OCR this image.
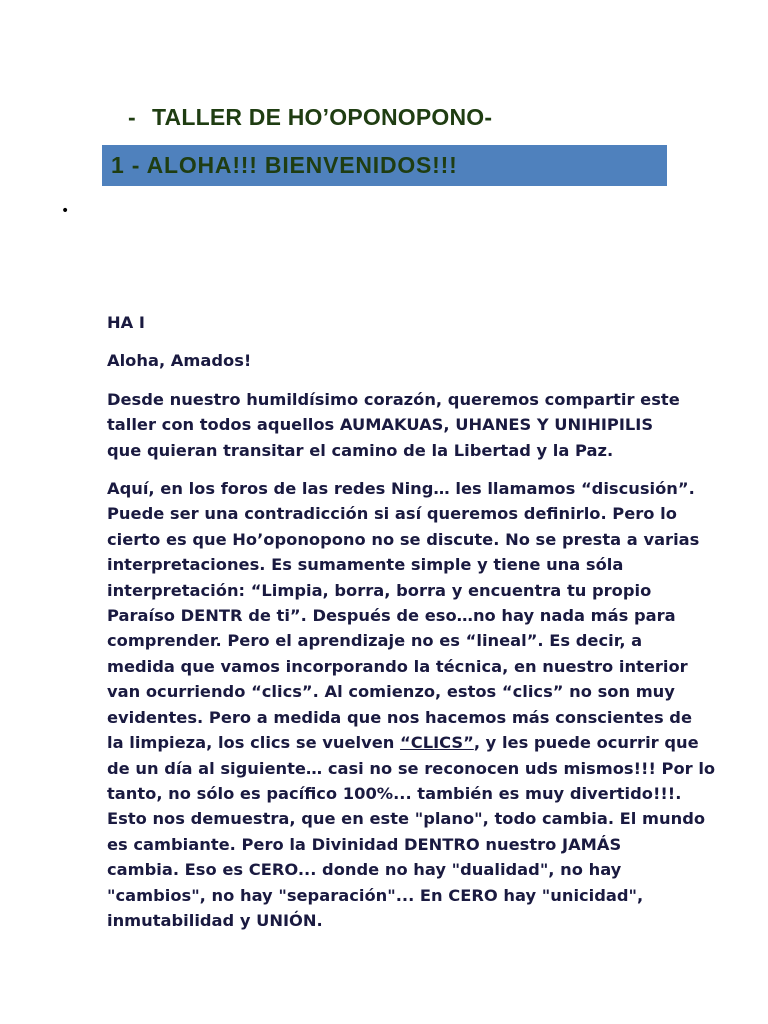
- TALLER DE HO’OPONOPONO-
1 - ALOHA!!! BIENVENIDOS!!!
•

HA I

Aloha, Amados!

Desde nuestro humildísimo corazón, queremos compartir este
taller con todos aquellos AUMAKUAS, UHANES Y UNIHIPILIS
que quieran transitar el camino de la Libertad y la Paz.

Aquí, en los foros de las redes Ning… les llamamos “discusión”.
Puede ser una contradicción si así queremos definirlo. Pero lo
cierto es que Ho’oponopono no se discute. No se presta a varias
interpretaciones. Es sumamente simple y tiene una sóla
interpretación: “Limpia, borra, borra y encuentra tu propio
Paraíso DENTR de ti”. Después de eso…no hay nada más para
comprender. Pero el aprendizaje no es “lineal”. Es decir, a
medida que vamos incorporando la técnica, en nuestro interior
van ocurriendo “clics”. Al comienzo, estos “clics” no son muy
evidentes. Pero a medida que nos hacemos más conscientes de
la limpieza, los clics se vuelven “CLICS”, y les puede ocurrir que
de un día al siguiente… casi no se reconocen uds mismos!!! Por lo
tanto, no sólo es pacífico 100%... también es muy divertido!!!.
Esto nos demuestra, que en este "plano", todo cambia. El mundo
es cambiante. Pero la Divinidad DENTRO nuestro JAMÁS
cambia. Eso es CERO... donde no hay "dualidad", no hay
"cambios", no hay "separación"... En CERO hay "unicidad",
inmutabilidad y UNIÓN.
